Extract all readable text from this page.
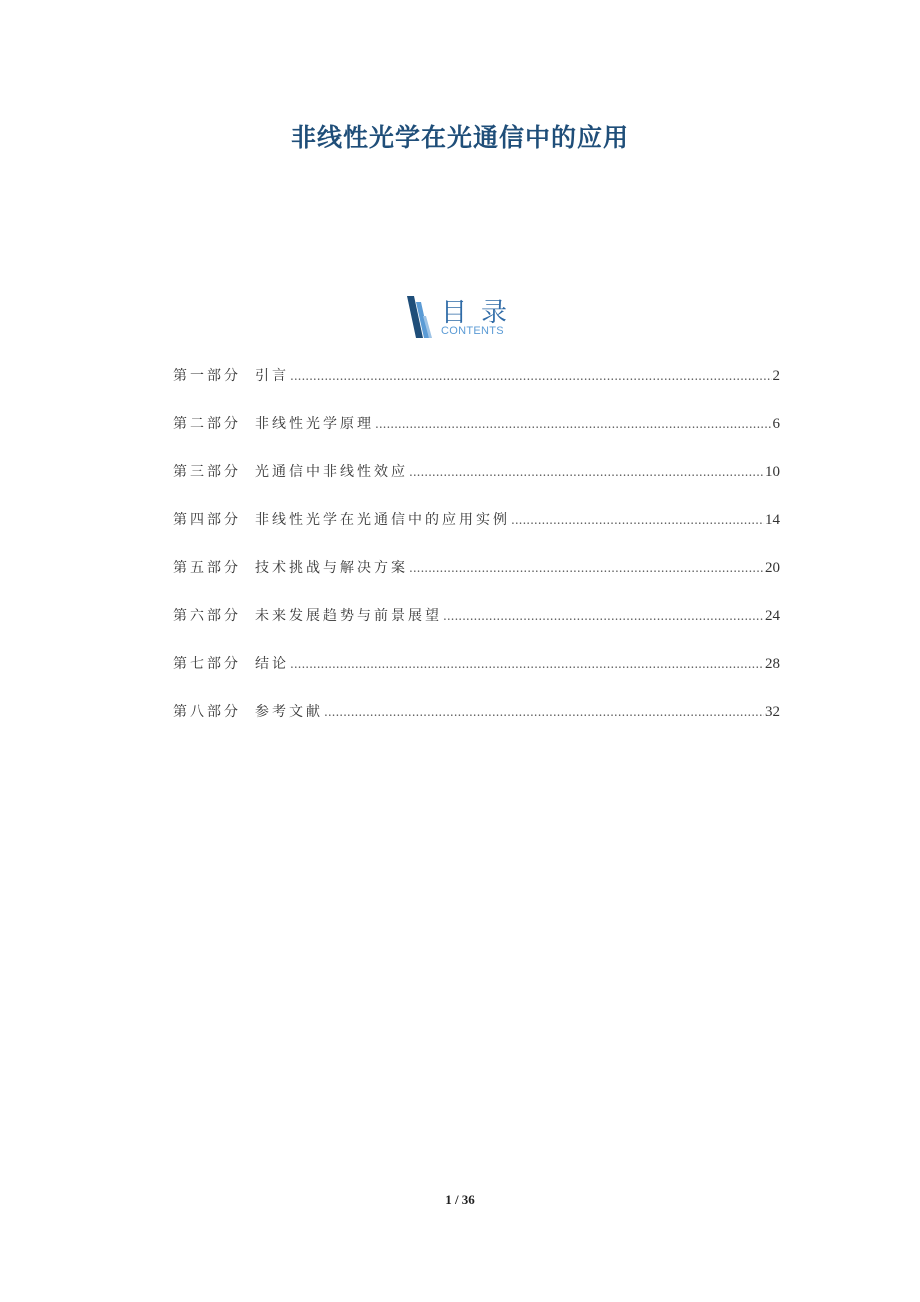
非线性光学在光通信中的应用
目录
CONTENTS
第一部分	引言 .....	2
第二部分	非线性光学原理 .....	6
第三部分	光通信中非线性效应 .....	10
第四部分	非线性光学在光通信中的应用实例 .....	14
第五部分	技术挑战与解决方案 .....	20
第六部分	未来发展趋势与前景展望 .....	24
第七部分	结论 .....	28
第八部分	参考文献 .....	32
1 / 36
